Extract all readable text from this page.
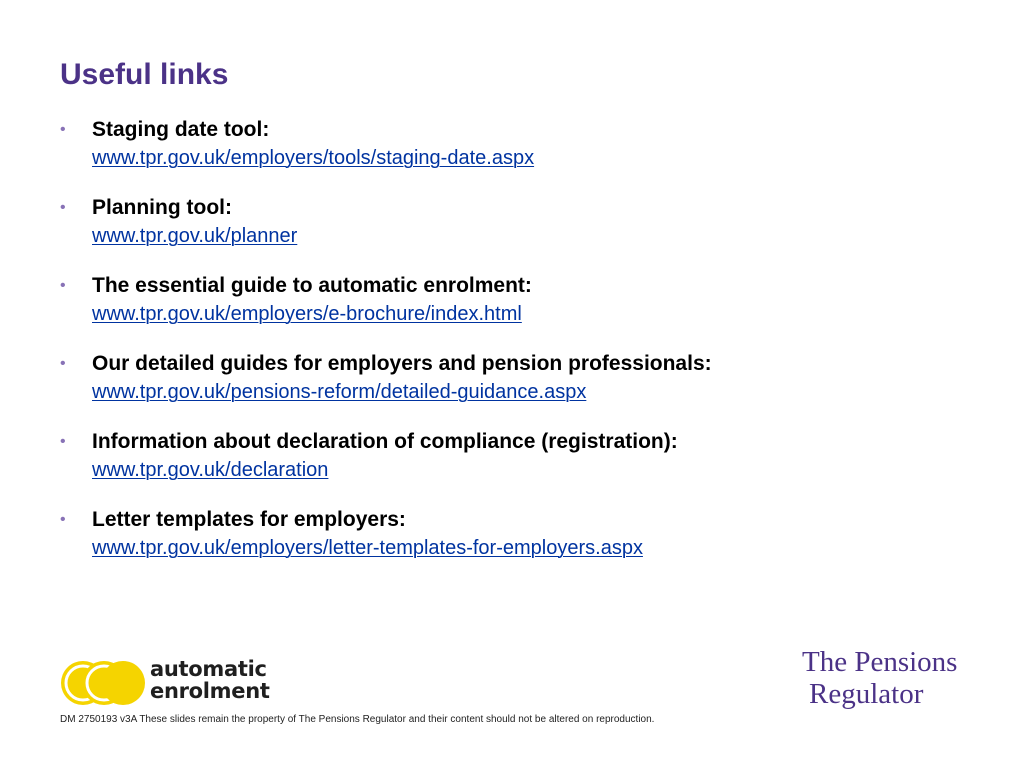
Useful links
• Staging date tool:
www.tpr.gov.uk/employers/tools/staging-date.aspx
• Planning tool:
www.tpr.gov.uk/planner
• The essential guide to automatic enrolment:
www.tpr.gov.uk/employers/e-brochure/index.html
• Our detailed guides for employers and pension professionals:
www.tpr.gov.uk/pensions-reform/detailed-guidance.aspx
• Information about declaration of compliance (registration):
www.tpr.gov.uk/declaration
• Letter templates for employers:
www.tpr.gov.uk/employers/letter-templates-for-employers.aspx
automatic
enrolment
The Pensions
Regulator
DM 2750193 v3A These slides remain the property of The Pensions Regulator and their content should not be altered on reproduction.
